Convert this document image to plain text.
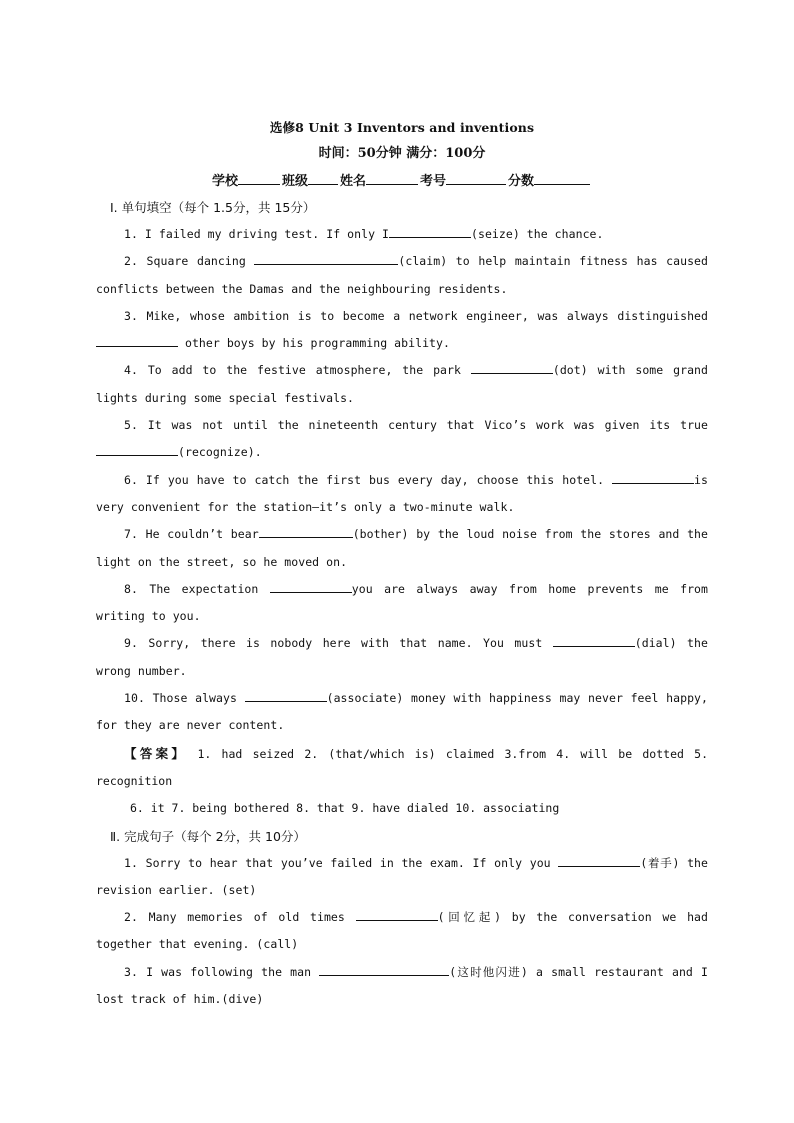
选修8 Unit 3 Inventors and inventions

时间：50分钟 满分：100分

学校	班级 姓名	考号	分数

Ⅰ. 单句填空（每个 1.5分，共 15分）

1. I failed my driving test. If only I	(seize) the chance.

2. Square dancing	(claim) to help maintain fitness has caused conflicts between the Damas and the neighbouring residents.

3. Mike, whose ambition is to become a network engineer, was always distinguished  other boys by his programming ability.

4. To add to the festive atmosphere, the park	(dot) with some grand lights during some special festivals.

5. It was not until the nineteenth century that Vico’s work was given its true(recognize).

6. If you have to catch the first bus every day, choose this hotel.	is very convenient for the station—it’s only a two-minute walk.

7. He couldn’t bear	(bother) by the loud noise from the stores and the light on the street, so he moved on.

8. The expectation	you are always away from home prevents me from writing to you.

9. Sorry, there is nobody here with that name. You must	(dial) the wrong number.

10. Those always	(associate) money with happiness may never feel happy, for they are never content.

【答案】 1. had seized 2. (that/which is) claimed 3.from 4. will be dotted 5. recognition

6. it 7. being bothered 8. that 9. have dialed 10. associating

Ⅱ. 完成句子（每个 2分，共 10分）

1. Sorry to hear that you’ve failed in the exam. If only you	(着手) the revision earlier. (set)

2. Many memories of old times	(回忆起) by the conversation we had together that evening. (call)

3. I was following the man	(这时他闪进) a small restaurant and I lost track of him.(dive)
